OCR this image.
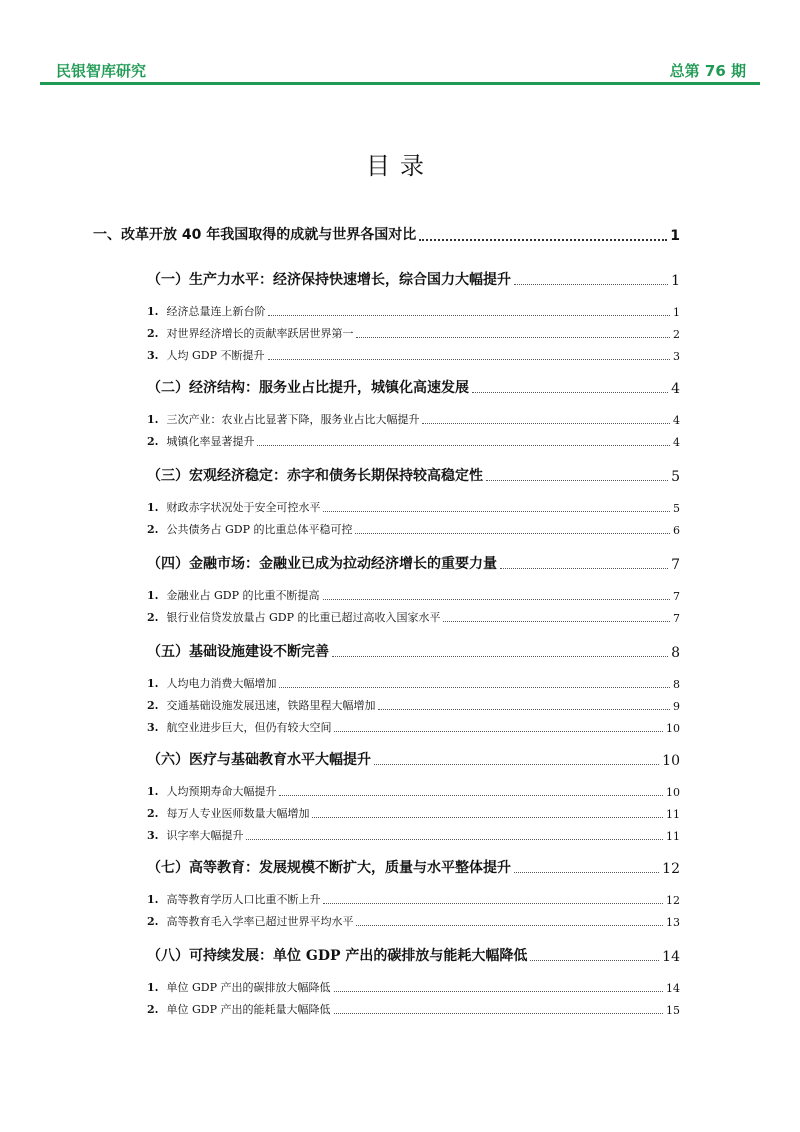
民银智库研究	总第 76 期
目录
一、改革开放 40 年我国取得的成就与世界各国对比	1
（一）生产力水平：经济保持快速增长，综合国力大幅提升	1
1. 经济总量连上新台阶	1
2. 对世界经济增长的贡献率跃居世界第一	2
3. 人均 GDP 不断提升	3
（二）经济结构：服务业占比提升，城镇化高速发展	4
1. 三次产业：农业占比显著下降，服务业占比大幅提升	4
2. 城镇化率显著提升	4
（三）宏观经济稳定：赤字和债务长期保持较高稳定性	5
1. 财政赤字状况处于安全可控水平	5
2. 公共债务占 GDP 的比重总体平稳可控	6
（四）金融市场：金融业已成为拉动经济增长的重要力量	7
1. 金融业占 GDP 的比重不断提高	7
2. 银行业信贷发放量占 GDP 的比重已超过高收入国家水平	7
（五）基础设施建设不断完善	8
1. 人均电力消费大幅增加	8
2. 交通基础设施发展迅速，铁路里程大幅增加	9
3. 航空业进步巨大，但仍有较大空间	10
（六）医疗与基础教育水平大幅提升	10
1. 人均预期寿命大幅提升	10
2. 每万人专业医师数量大幅增加	11
3. 识字率大幅提升	11
（七）高等教育：发展规模不断扩大，质量与水平整体提升	12
1. 高等教育学历人口比重不断上升	12
2. 高等教育毛入学率已超过世界平均水平	13
（八）可持续发展：单位 GDP 产出的碳排放与能耗大幅降低	14
1. 单位 GDP 产出的碳排放大幅降低	14
2. 单位 GDP 产出的能耗量大幅降低	15
